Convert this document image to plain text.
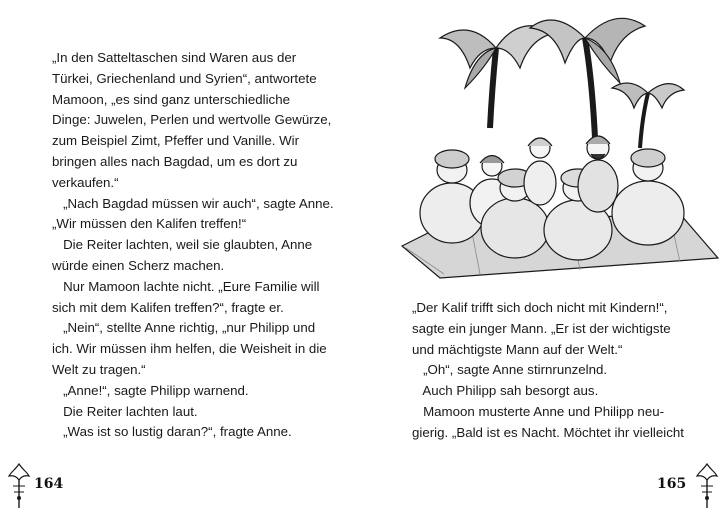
„In den Satteltaschen sind Waren aus der
Türkei, Griechenland und Syrien“, antwortete
Mamoon, „es sind ganz unterschiedliche
Dinge: Juwelen, Perlen und wertvolle Gewürze,
zum Beispiel Zimt, Pfeffer und Vanille. Wir
bringen alles nach Bagdad, um es dort zu
verkaufen.“
„Nach Bagdad müssen wir auch“, sagte Anne.
„Wir müssen den Kalifen treffen!“
Die Reiter lachten, weil sie glaubten, Anne
würde einen Scherz machen.
Nur Mamoon lachte nicht. „Eure Familie will
sich mit dem Kalifen treffen?“, fragte er.
„Nein“, stellte Anne richtig, „nur Philipp und
ich. Wir müssen ihm helfen, die Weisheit in die
Welt zu tragen.“
„Anne!“, sagte Philipp warnend.
Die Reiter lachten laut.
„Was ist so lustig daran?“, fragte Anne.
164
„Der Kalif trifft sich doch nicht mit Kindern!“,
sagte ein junger Mann. „Er ist der wichtigste
und mächtigste Mann auf der Welt.“
„Oh“, sagte Anne stirnrunzelnd.
Auch Philipp sah besorgt aus.
Mamoon musterte Anne und Philipp neu-
gierig. „Bald ist es Nacht. Möchtet ihr vielleicht
165
